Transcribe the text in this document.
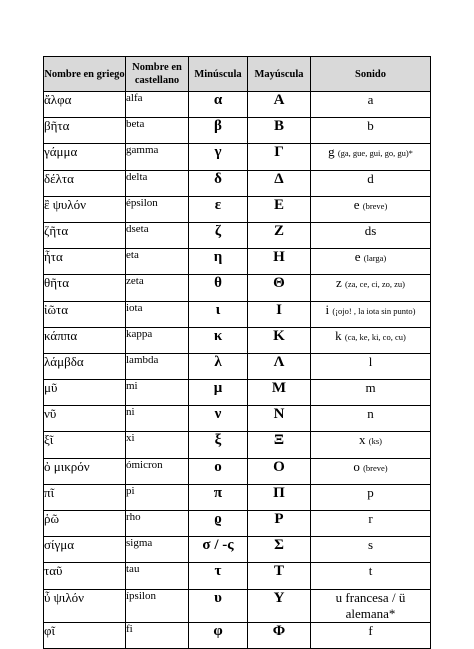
Nombre en griego	Nombre en castellano	Minúscula	Mayúscula	Sonido
ἄλφα	alfa	α	Α	a
βῆτα	beta	β	Β	b
γάμμα	gamma	γ	Γ	g (ga, gue, gui, go, gu)*
δέλτα	delta	δ	Δ	d
ἒ ψυλόν	épsilon	ε	Ε	e (breve)
ζῆτα	dseta	ζ	Ζ	ds
ἦτα	eta	η	Η	e (larga)
θῆτα	zeta	θ	Θ	z (za, ce, ci, zo, zu)
ἰῶτα	iota	ι	Ι	i (¡ojo! , la iota sin punto)
κάππα	kappa	κ	Κ	k (ca, ke, ki, co, cu)
λάμβδα	lambda	λ	Λ	l
μῦ	mi	μ	Μ	m
νῦ	ni	ν	Ν	n
ξῖ	xi	ξ	Ξ	x (ks)
ὀ μικρόν	ómicron	ο	Ο	o (breve)
πῖ	pi	π	Π	p
ῥῶ	rho	ϱ	Ρ	r
σίγμα	sigma	σ / -ς	Σ	s
ταῦ	tau	τ	Τ	t
ὖ ψιλόν	ípsilon	υ	Υ	u francesa / ü alemana*
φῖ	fi	φ	Φ	f
